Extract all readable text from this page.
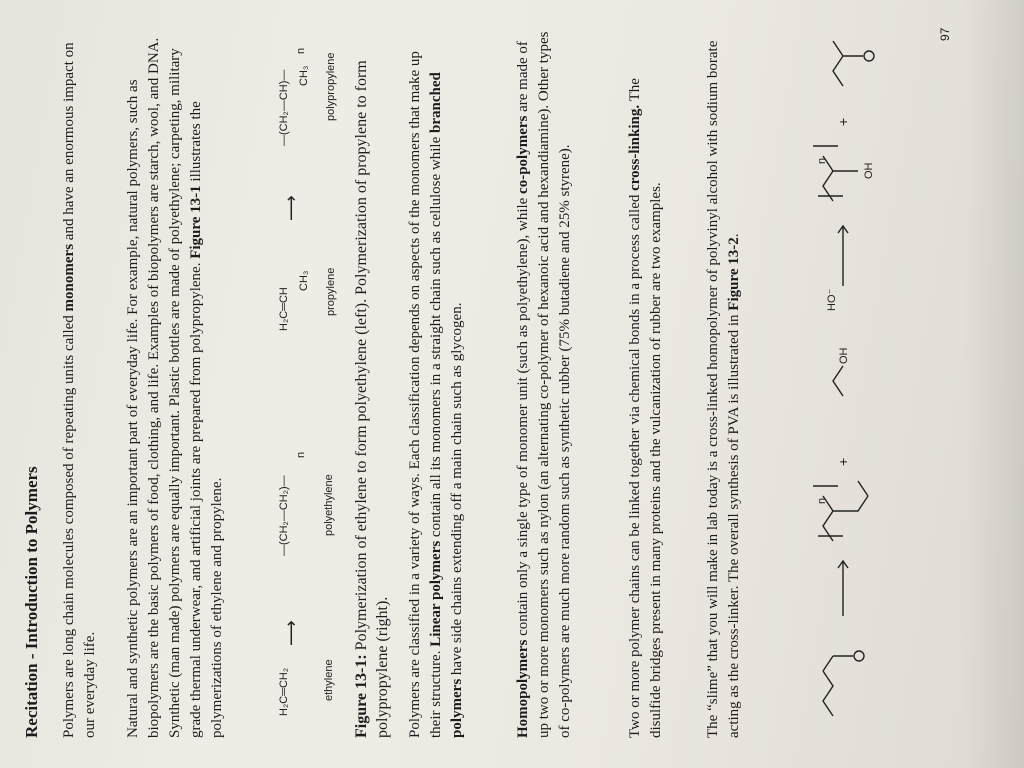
Recitation - Introduction to Polymers Polymers are long chain molecules composed of repeating units called monomers and have an enormous impact on our everyday life. Natural and synthetic polymers are an important part of everyday life. For example, natural polymers, such as biopolymers are the basic polymers of food, clothing, and life. Examples of biopolymers are starch, wool, and DNA. Synthetic (man made) polymers are equally important. Plastic bottles are made of polyethylene; carpeting, military grade thermal underwear, and artificial joints are prepared from polypropylene. Figure 13-1 illustrates the polymerizations of ethylene and propylene.	H₂C═CH₂	ethylene
⟶
—(CH₂—CH₂)—
n
polyethylene
H₂C═CH
CH₃ propylene
⟶
—(CH₂—CH)— CH₃
n
polypropylene
Figure 13-1: Polymerization of ethylene to form polyethylene (left). Polymerization of propylene to form polypropylene (right). Polymers are classified in a variety of ways. Each classification depends on aspects of the monomers that make up their structure. Linear polymers contain all its monomers in a straight chain such as cellulose while branched polymers have side chains extending off a main chain such as glycogen.
Homopolymers contain only a single type of monomer unit (such as polyethylene), while co-polymers are made of up two or more monomers such as nylon (an alternating co-polymer of hexanoic acid and hexandiamine). Other types of co-polymers are much more random such as synthetic rubber (75% butadiene and 25% styrene).	Two or more polymer chains can be linked together via chemical bonds in a process called cross-linking. The disulfide bridges present in many proteins and the vulcanization of rubber are two examples.	The “slime” that you will make in lab today is a cross-linked homopolymer of polyvinyl alcohol with sodium borate acting as the cross-linker. The overall synthesis of PVA is illustrated in Figure 13-2.
+
+
n
n
OH
HO⁻
OH
97
